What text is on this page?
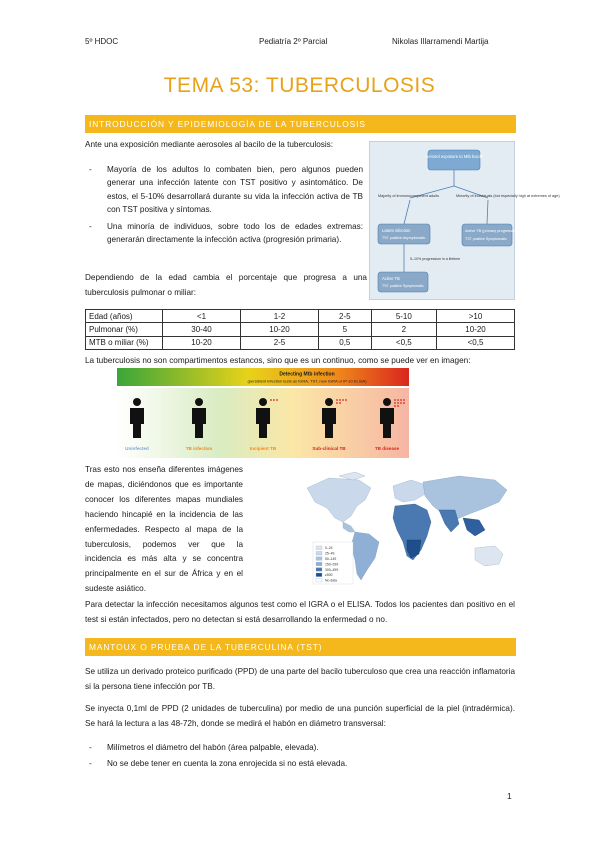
5º HDOC	Pediatría 2º Parcial	Nikolas Illarramendi Martija
TEMA 53: TUBERCULOSIS
INTRODUCCIÓN Y EPIDEMIOLOGÍA DE LA TUBERCULOSIS
Ante una exposición mediante aerosoles al bacilo de la tuberculosis:
- Mayoría de los adultos lo combaten bien, pero algunos pueden generar una infección latente con TST positivo y asintomático. De estos, el 5-10% desarrollará durante su vida la infección activa de TB con TST positiva y síntomas.
- Una minoría de individuos, sobre todo los de edades extremas: generarán directamente la infección activa (progresión primaria).
Dependiendo de la edad cambia el porcentaje que progresa a una tuberculosis pulmonar o miliar:
Aerosol exposure to Mtb bacilli
Majority of immunocompetent adults	Minority of individuals (but especially high at extremes of age)
Latent infection
TST positive Asymptomatic
Active TB (primary progression)
TST positive Symptomatic
5–10% progression in a lifetime
Active TB
TST positive Symptomatic
Edad (años)	<1	1-2	2-5	5-10	>10
Pulmonar (%)	30-40	10-20	5	2	10-20
MTB o miliar (%)	10-20	2-5	0,5	<0,5	<0,5
La tuberculosis no son compartimentos estancos, sino que es un continuo, como se puede ver en imagen:
Detecting Mtb infection
(persistent infection tests as IGRA, TST, new IGRA or IP-10 ELISA)
Uninfected	TB infection	Incipient TB	Sub-clinical TB	TB disease
Tras esto nos enseña diferentes imágenes de mapas, diciéndonos que es importante conocer los diferentes mapas mundiales haciendo hincapié en la incidencia de las enfermedades. Respecto al mapa de la tuberculosis, podemos ver que la incidencia es más alta y se concentra principalmente en el sur de África y en el sudeste asiático.
0–24
25–49
50–149
150–299
300–499
≥500
No data
Para detectar la infección necesitamos algunos test como el IGRA o el ELISA. Todos los pacientes dan positivo en el test si están infectados, pero no detectan si está desarrollando la enfermedad o no.
MANTOUX O PRUEBA DE LA TUBERCULINA (TST)
Se utiliza un derivado proteico purificado (PPD) de una parte del bacilo tuberculoso que crea una reacción inflamatoria si la persona tiene infección por TB.
Se inyecta 0,1ml de PPD (2 unidades de tuberculina) por medio de una punción superficial de la piel (intradérmica). Se hará la lectura a las 48-72h, donde se medirá el habón en diámetro transversal:
- Milímetros el diámetro del habón (área palpable, elevada).
- No se debe tener en cuenta la zona enrojecida si no está elevada.
1
